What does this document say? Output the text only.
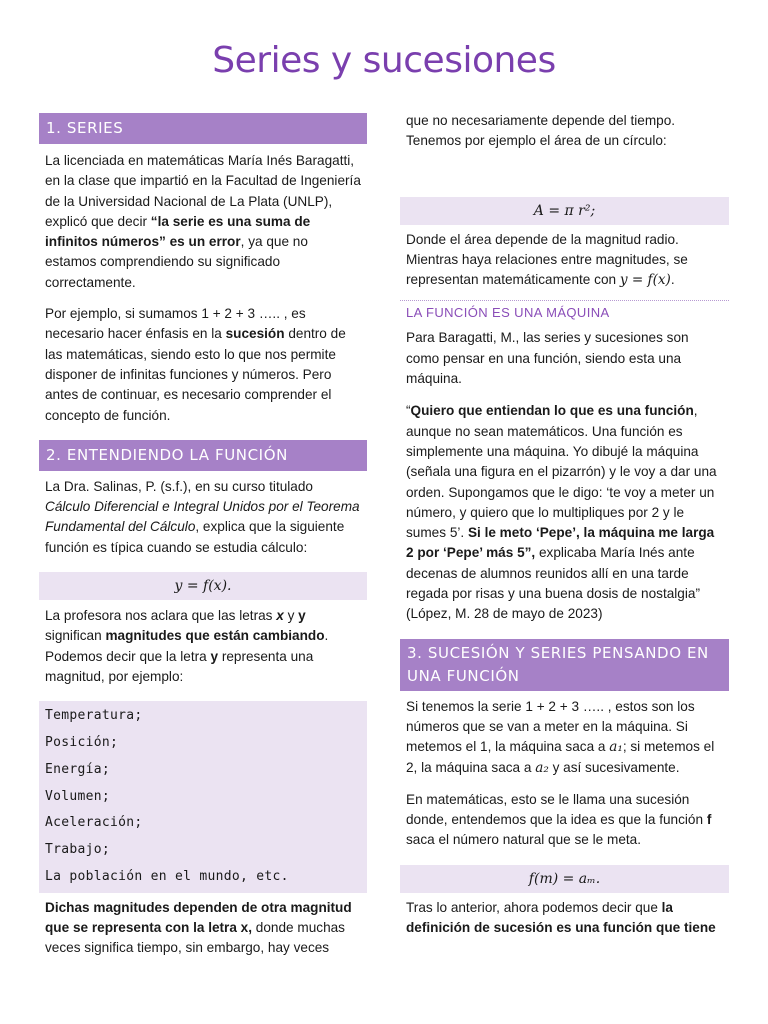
Series y sucesiones
1. SERIES
La licenciada en matemáticas María Inés Baragatti, en la clase que impartió en la Facultad de Ingeniería de la Universidad Nacional de La Plata (UNLP), explicó que decir “la serie es una suma de infinitos números” es un error, ya que no estamos comprendiendo su significado correctamente.
Por ejemplo, si sumamos 1 + 2 + 3 ….. , es necesario hacer énfasis en la sucesión dentro de las matemáticas, siendo esto lo que nos permite disponer de infinitas funciones y números. Pero antes de continuar, es necesario comprender el concepto de función.
2. ENTENDIENDO LA FUNCIÓN
La Dra. Salinas, P. (s.f.), en su curso titulado Cálculo Diferencial e Integral Unidos por el Teorema Fundamental del Cálculo, explica que la siguiente función es típica cuando se estudia cálculo:
y = f(x).
La profesora nos aclara que las letras x y y significan magnitudes que están cambiando. Podemos decir que la letra y representa una magnitud, por ejemplo:
Temperatura;
Posición;
Energía;
Volumen;
Aceleración;
Trabajo;
La población en el mundo, etc.
Dichas magnitudes dependen de otra magnitud que se representa con la letra x, donde muchas veces significa tiempo, sin embargo, hay veces
que no necesariamente depende del tiempo. Tenemos por ejemplo el área de un círculo:
A = π r²;
Donde el área depende de la magnitud radio. Mientras haya relaciones entre magnitudes, se representan matemáticamente con y = f(x).
LA FUNCIÓN ES UNA MÁQUINA
Para Baragatti, M., las series y sucesiones son como pensar en una función, siendo esta una máquina.
“Quiero que entiendan lo que es una función, aunque no sean matemáticos. Una función es simplemente una máquina. Yo dibujé la máquina (señala una figura en el pizarrón) y le voy a dar una orden. Supongamos que le digo: ‘te voy a meter un número, y quiero que lo multipliques por 2 y le sumes 5’. Si le meto ‘Pepe’, la máquina me larga 2 por ‘Pepe’ más 5”, explicaba María Inés ante decenas de alumnos reunidos allí en una tarde regada por risas y una buena dosis de nostalgia” (López, M. 28 de mayo de 2023)
3. SUCESIÓN Y SERIES PENSANDO EN UNA FUNCIÓN
Si tenemos la serie 1 + 2 + 3 ….. , estos son los números que se van a meter en la máquina. Si metemos el 1, la máquina saca a a₁; si metemos el 2, la máquina saca a a₂ y así sucesivamente.
En matemáticas, esto se le llama una sucesión donde, entendemos que la idea es que la función f saca el número natural que se le meta.
f(m) = aₘ.
Tras lo anterior, ahora podemos decir que la definición de sucesión es una función que tiene
